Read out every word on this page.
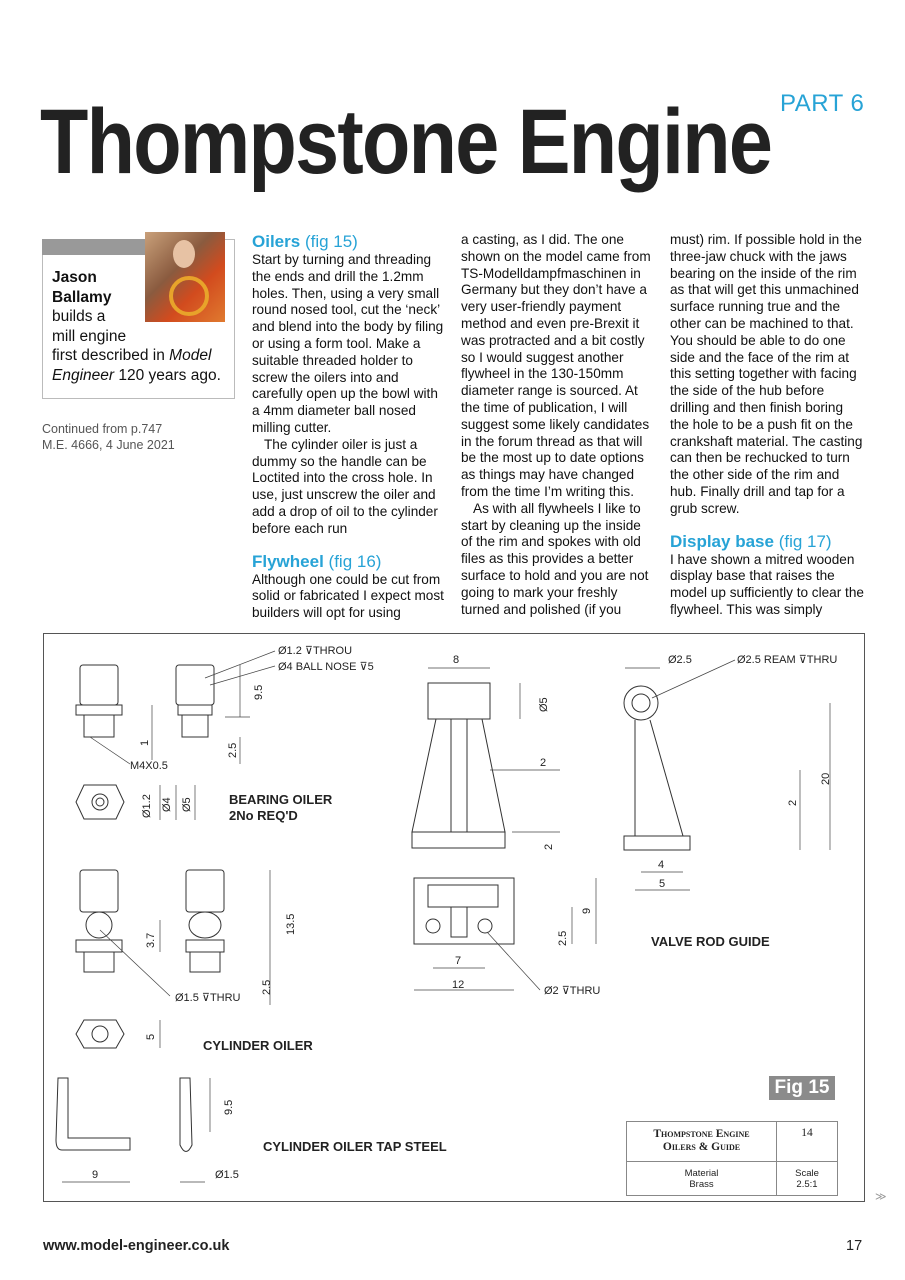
PART 6
Thompstone Engine
Jason Ballamy
builds a
mill engine
first described in Model
Engineer 120 years ago.
Continued from p.747
M.E. 4666, 4 June 2021
Oilers (fig 15)

Start by turning and threading the ends and drill the 1.2mm holes. Then, using a very small round nosed tool, cut the ‘neck’ and blend into the body by filing or using a form tool. Make a suitable threaded holder to screw the oilers into and carefully open up the bowl with a 4mm diameter ball nosed milling cutter.

The cylinder oiler is just a dummy so the handle can be Loctited into the cross hole. In use, just unscrew the oiler and add a drop of oil to the cylinder before each run

Flywheel (fig 16)

Although one could be cut from solid or fabricated I expect most builders will opt for using

a casting, as I did. The one shown on the model came from TS-Modelldampfmaschinen in Germany but they don’t have a very user-friendly payment method and even pre-Brexit it was protracted and a bit costly so I would suggest another flywheel in the 130-150mm diameter range is sourced. At the time of publication, I will suggest some likely candidates in the forum thread as that will be the most up to date options as things may have changed from the time I’m writing this.

As with all flywheels I like to start by cleaning up the inside of the rim and spokes with old files as this provides a better surface to hold and you are not going to mark your freshly turned and polished (if you

must) rim. If possible hold in the three-jaw chuck with the jaws bearing on the inside of the rim as that will get this unmachined surface running true and the other can be machined to that. You should be able to do one side and the face of the rim at this setting together with facing the side of the hub before drilling and then finish boring the hole to be a push fit on the crankshaft material. The casting can then be rechucked to turn the other side of the rim and hub. Finally drill and tap for a grub screw.

Display base (fig 17)

I have shown a mitred wooden display base that raises the model up sufficiently to clear the flywheel. This was simply

Ø1.2 ⊽THROU
Ø4 BALL NOSE ⊽5
M4X0.5
9.5
1	2.5
Ø1.2 Ø4 Ø5
Ø1.5 ⊽THRU
3.7
13.5
2.5
5
9.5
9	Ø1.5
8
Ø5
2
2
Ø2.5	Ø2.5 REAM ⊽THRU
20
2
4
5
9
2.5
7
12	Ø2 ⊽THRU
BEARING OILER
2No REQ'D
CYLINDER OILER
CYLINDER OILER TAP STEEL
VALVE ROD GUIDE
Fig 15
Thompstone Engine
Oilers & Guide
14
Material
Brass
Scale
2.5:1
≫
www.model-engineer.co.uk	17
